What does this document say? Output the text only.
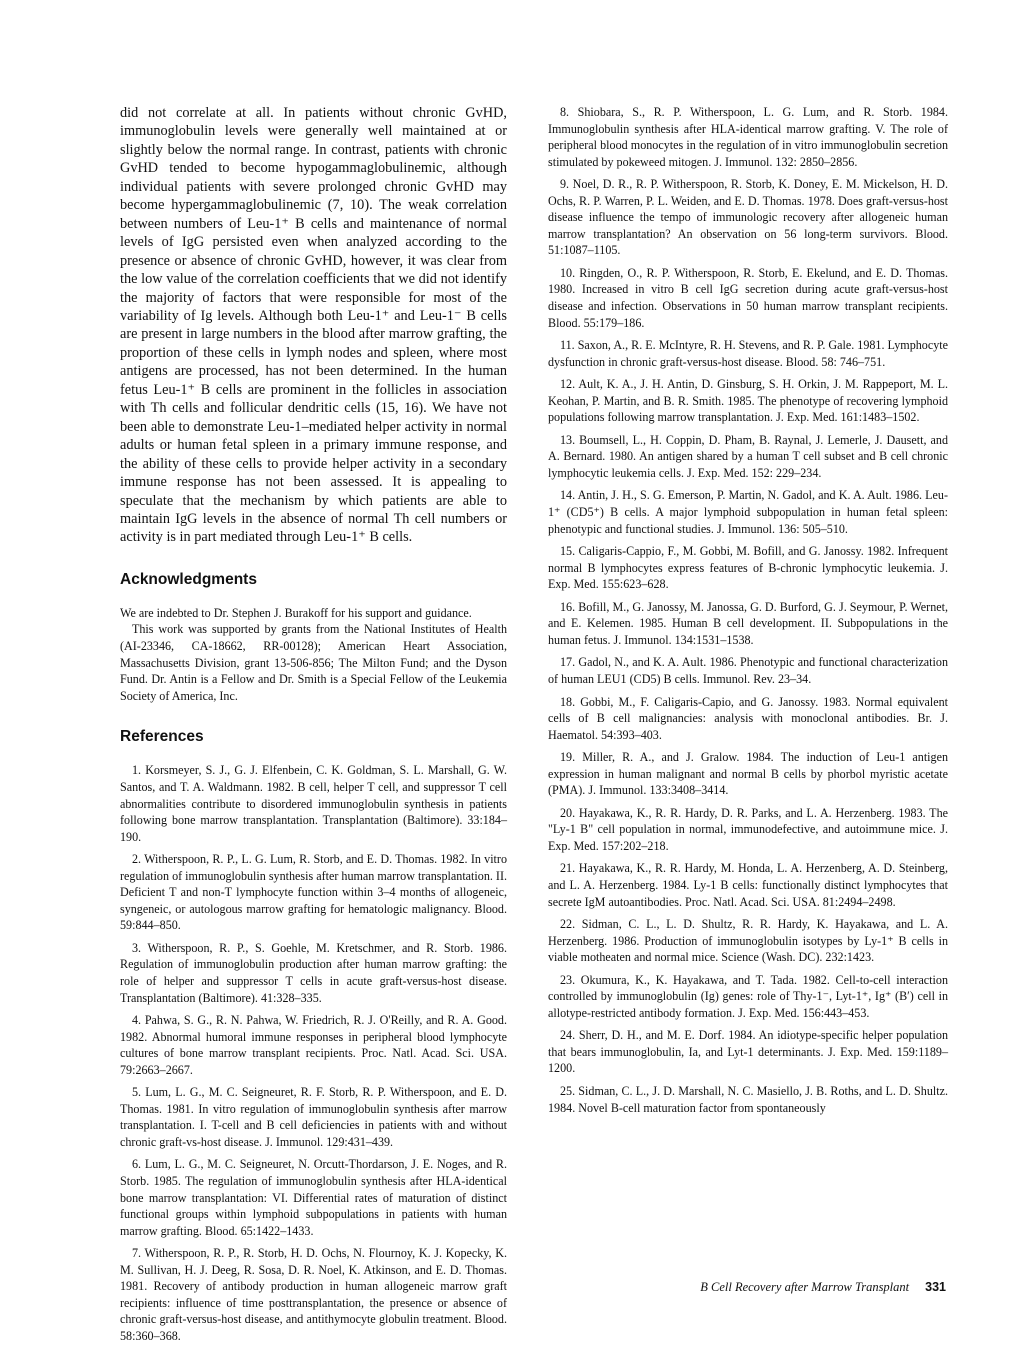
did not correlate at all. In patients without chronic GvHD, immunoglobulin levels were generally well maintained at or slightly below the normal range. In contrast, patients with chronic GvHD tended to become hypogammaglobulinemic, although individual patients with severe prolonged chronic GvHD may become hypergammaglobulinemic (7, 10). The weak correlation between numbers of Leu-1⁺ B cells and maintenance of normal levels of IgG persisted even when analyzed according to the presence or absence of chronic GvHD, however, it was clear from the low value of the correlation coefficients that we did not identify the majority of factors that were responsible for most of the variability of Ig levels. Although both Leu-1⁺ and Leu-1⁻ B cells are present in large numbers in the blood after marrow grafting, the proportion of these cells in lymph nodes and spleen, where most antigens are processed, has not been determined. In the human fetus Leu-1⁺ B cells are prominent in the follicles in association with Th cells and follicular dendritic cells (15, 16). We have not been able to demonstrate Leu-1–mediated helper activity in normal adults or human fetal spleen in a primary immune response, and the ability of these cells to provide helper activity in a secondary immune response has not been assessed. It is appealing to speculate that the mechanism by which patients are able to maintain IgG levels in the absence of normal Th cell numbers or activity is in part mediated through Leu-1⁺ B cells.

Acknowledgments

We are indebted to Dr. Stephen J. Burakoff for his support and guidance.

This work was supported by grants from the National Institutes of Health (AI-23346, CA-18662, RR-00128); American Heart Association, Massachusetts Division, grant 13-506-856; The Milton Fund; and the Dyson Fund. Dr. Antin is a Fellow and Dr. Smith is a Special Fellow of the Leukemia Society of America, Inc.

References

1. Korsmeyer, S. J., G. J. Elfenbein, C. K. Goldman, S. L. Marshall, G. W. Santos, and T. A. Waldmann. 1982. B cell, helper T cell, and suppressor T cell abnormalities contribute to disordered immunoglobulin synthesis in patients following bone marrow transplantation. Transplantation (Baltimore). 33:184–190.

2. Witherspoon, R. P., L. G. Lum, R. Storb, and E. D. Thomas. 1982. In vitro regulation of immunoglobulin synthesis after human marrow transplantation. II. Deficient T and non-T lymphocyte function within 3–4 months of allogeneic, syngeneic, or autologous marrow grafting for hematologic malignancy. Blood. 59:844–850.

3. Witherspoon, R. P., S. Goehle, M. Kretschmer, and R. Storb. 1986. Regulation of immunoglobulin production after human marrow grafting: the role of helper and suppressor T cells in acute graft-versus-host disease. Transplantation (Baltimore). 41:328–335.

4. Pahwa, S. G., R. N. Pahwa, W. Friedrich, R. J. O'Reilly, and R. A. Good. 1982. Abnormal humoral immune responses in peripheral blood lymphocyte cultures of bone marrow transplant recipients. Proc. Natl. Acad. Sci. USA. 79:2663–2667.

5. Lum, L. G., M. C. Seigneuret, R. F. Storb, R. P. Witherspoon, and E. D. Thomas. 1981. In vitro regulation of immunoglobulin synthesis after marrow transplantation. I. T-cell and B cell deficiencies in patients with and without chronic graft-vs-host disease. J. Immunol. 129:431–439.

6. Lum, L. G., M. C. Seigneuret, N. Orcutt-Thordarson, J. E. Noges, and R. Storb. 1985. The regulation of immunoglobulin synthesis after HLA-identical bone marrow transplantation: VI. Differential rates of maturation of distinct functional groups within lymphoid subpopulations in patients with human marrow grafting. Blood. 65:1422–1433.

7. Witherspoon, R. P., R. Storb, H. D. Ochs, N. Flournoy, K. J. Kopecky, K. M. Sullivan, H. J. Deeg, R. Sosa, D. R. Noel, K. Atkinson, and E. D. Thomas. 1981. Recovery of antibody production in human allogeneic marrow graft recipients: influence of time posttransplantation, the presence or absence of chronic graft-versus-host disease, and antithymocyte globulin treatment. Blood. 58:360–368.

8. Shiobara, S., R. P. Witherspoon, L. G. Lum, and R. Storb. 1984. Immunoglobulin synthesis after HLA-identical marrow grafting. V. The role of peripheral blood monocytes in the regulation of in vitro immunoglobulin secretion stimulated by pokeweed mitogen. J. Immunol. 132: 2850–2856.

9. Noel, D. R., R. P. Witherspoon, R. Storb, K. Doney, E. M. Mickelson, H. D. Ochs, R. P. Warren, P. L. Weiden, and E. D. Thomas. 1978. Does graft-versus-host disease influence the tempo of immunologic recovery after allogeneic human marrow transplantation? An observation on 56 long-term survivors. Blood. 51:1087–1105.

10. Ringden, O., R. P. Witherspoon, R. Storb, E. Ekelund, and E. D. Thomas. 1980. Increased in vitro B cell IgG secretion during acute graft-versus-host disease and infection. Observations in 50 human marrow transplant recipients. Blood. 55:179–186.

11. Saxon, A., R. E. McIntyre, R. H. Stevens, and R. P. Gale. 1981. Lymphocyte dysfunction in chronic graft-versus-host disease. Blood. 58: 746–751.

12. Ault, K. A., J. H. Antin, D. Ginsburg, S. H. Orkin, J. M. Rappeport, M. L. Keohan, P. Martin, and B. R. Smith. 1985. The phenotype of recovering lymphoid populations following marrow transplantation. J. Exp. Med. 161:1483–1502.

13. Boumsell, L., H. Coppin, D. Pham, B. Raynal, J. Lemerle, J. Dausett, and A. Bernard. 1980. An antigen shared by a human T cell subset and B cell chronic lymphocytic leukemia cells. J. Exp. Med. 152: 229–234.

14. Antin, J. H., S. G. Emerson, P. Martin, N. Gadol, and K. A. Ault. 1986. Leu-1⁺ (CD5⁺) B cells. A major lymphoid subpopulation in human fetal spleen: phenotypic and functional studies. J. Immunol. 136: 505–510.

15. Caligaris-Cappio, F., M. Gobbi, M. Bofill, and G. Janossy. 1982. Infrequent normal B lymphocytes express features of B-chronic lymphocytic leukemia. J. Exp. Med. 155:623–628.

16. Bofill, M., G. Janossy, M. Janossa, G. D. Burford, G. J. Seymour, P. Wernet, and E. Kelemen. 1985. Human B cell development. II. Subpopulations in the human fetus. J. Immunol. 134:1531–1538.

17. Gadol, N., and K. A. Ault. 1986. Phenotypic and functional characterization of human LEU1 (CD5) B cells. Immunol. Rev. 23–34.

18. Gobbi, M., F. Caligaris-Capio, and G. Janossy. 1983. Normal equivalent cells of B cell malignancies: analysis with monoclonal antibodies. Br. J. Haematol. 54:393–403.

19. Miller, R. A., and J. Gralow. 1984. The induction of Leu-1 antigen expression in human malignant and normal B cells by phorbol myristic acetate (PMA). J. Immunol. 133:3408–3414.

20. Hayakawa, K., R. R. Hardy, D. R. Parks, and L. A. Herzenberg. 1983. The "Ly-1 B" cell population in normal, immunodefective, and autoimmune mice. J. Exp. Med. 157:202–218.

21. Hayakawa, K., R. R. Hardy, M. Honda, L. A. Herzenberg, A. D. Steinberg, and L. A. Herzenberg. 1984. Ly-1 B cells: functionally distinct lymphocytes that secrete IgM autoantibodies. Proc. Natl. Acad. Sci. USA. 81:2494–2498.

22. Sidman, C. L., L. D. Shultz, R. R. Hardy, K. Hayakawa, and L. A. Herzenberg. 1986. Production of immunoglobulin isotypes by Ly-1⁺ B cells in viable motheaten and normal mice. Science (Wash. DC). 232:1423.

23. Okumura, K., K. Hayakawa, and T. Tada. 1982. Cell-to-cell interaction controlled by immunoglobulin (Ig) genes: role of Thy-1⁻, Lyt-1⁺, Ig⁺ (B′) cell in allotype-restricted antibody formation. J. Exp. Med. 156:443–453.

24. Sherr, D. H., and M. E. Dorf. 1984. An idiotype-specific helper population that bears immunoglobulin, Ia, and Lyt-1 determinants. J. Exp. Med. 159:1189–1200.

25. Sidman, C. L., J. D. Marshall, N. C. Masiello, J. B. Roths, and L. D. Shultz. 1984. Novel B-cell maturation factor from spontaneously

B Cell Recovery after Marrow Transplant 331
